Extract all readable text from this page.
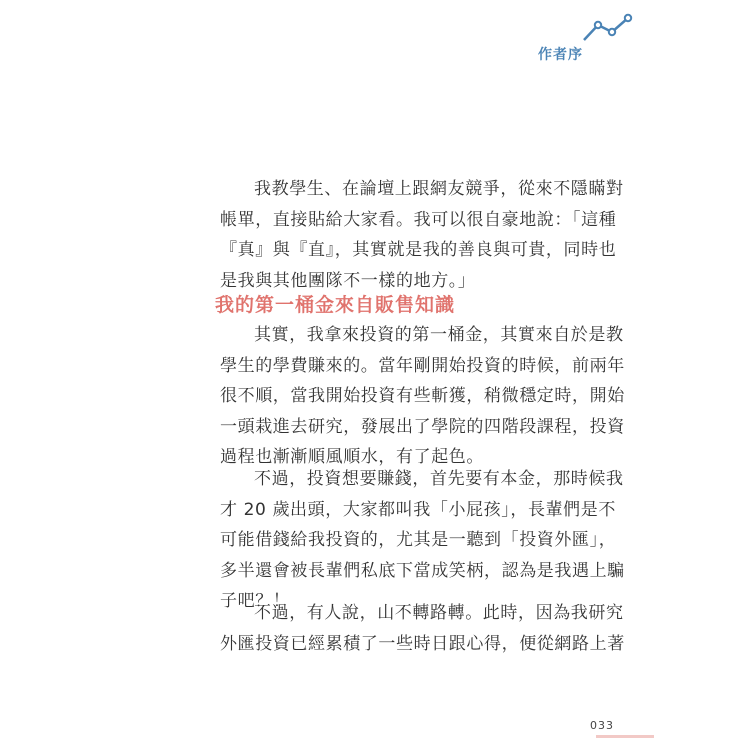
作者序

我教學生、在論壇上跟網友競爭，從來不隱瞞對
帳單，直接貼給大家看。我可以很自豪地說：「這種
『真』與『直』，其實就是我的善良與可貴，同時也
是我與其他團隊不一樣的地方。」

我的第一桶金來自販售知識

其實，我拿來投資的第一桶金，其實來自於是教
學生的學費賺來的。當年剛開始投資的時候，前兩年
很不順，當我開始投資有些斬獲，稍微穩定時，開始
一頭栽進去研究，發展出了學院的四階段課程，投資
過程也漸漸順風順水，有了起色。

不過，投資想要賺錢，首先要有本金，那時候我
才 20 歲出頭，大家都叫我「小屁孩」，長輩們是不
可能借錢給我投資的，尤其是一聽到「投資外匯」，
多半還會被長輩們私底下當成笑柄，認為是我遇上騙
子吧？！

不過，有人說，山不轉路轉。此時，因為我研究
外匯投資已經累積了一些時日跟心得，便從網路上著

033
